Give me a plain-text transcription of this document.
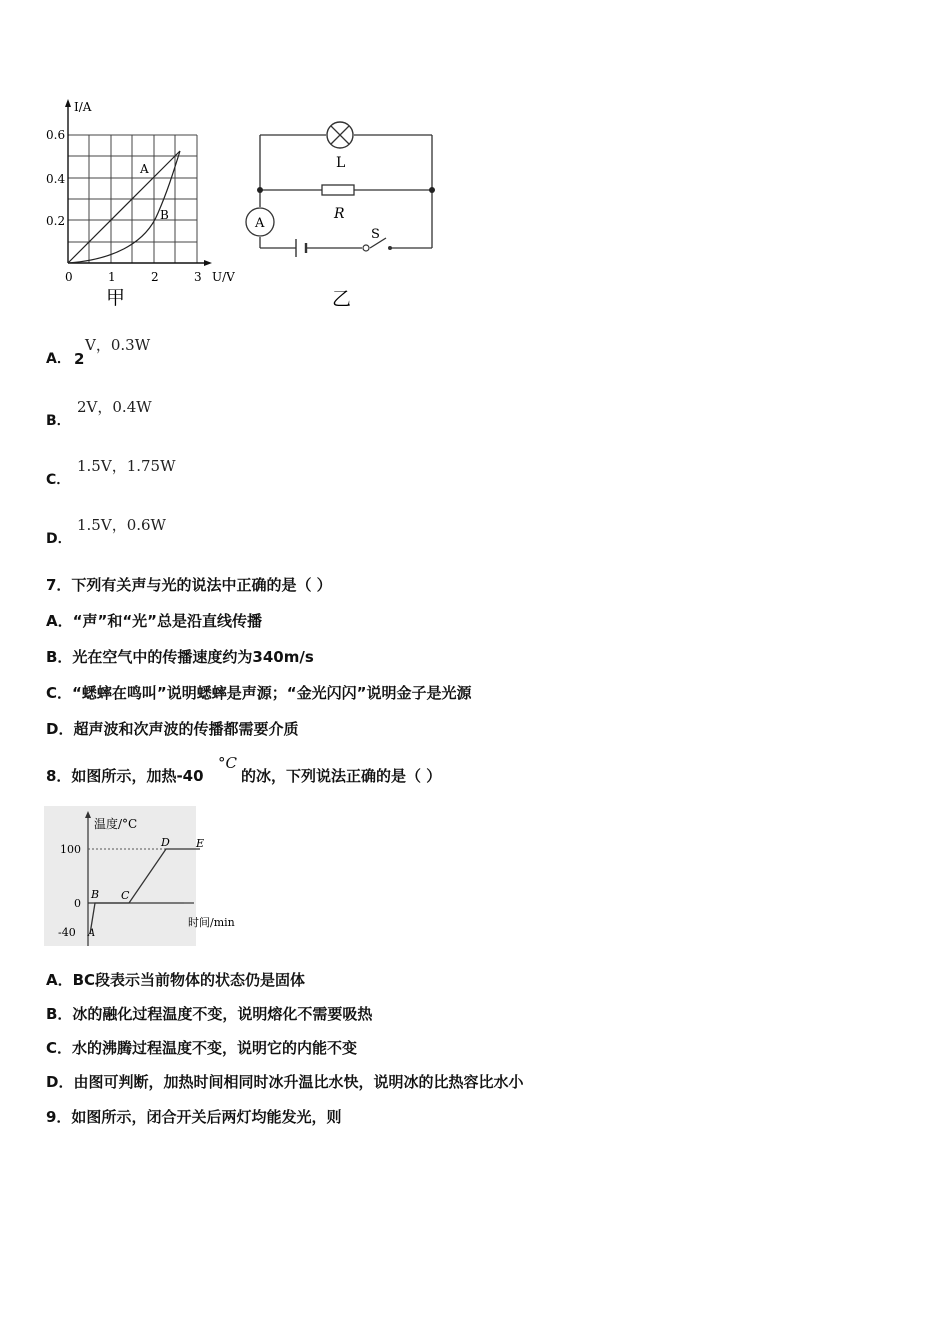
I/A
U/V
0.6
0.4
0.2
0	1	2	3
A
B
甲
A
L
R
S
乙
A． 2
V，0.3W
B．
2V，0.4W
C．
1.5V，1.75W
D．
1.5V，0.6W
7．下列有关声与光的说法中正确的是（ ）
A．“声”和“光”总是沿直线传播
B．光在空气中的传播速度约为340m/s
C．“蟋蟀在鸣叫”说明蟋蟀是声源；“金光闪闪”说明金子是光源
D．超声波和次声波的传播都需要介质
8．如图所示，加热-40
°C
的冰，下列说法正确的是（ ）
温度/°C
时间/min
100
0
-40 A
B C
D E
A．BC段表示当前物体的状态仍是固体
B．冰的融化过程温度不变，说明熔化不需要吸热
C．水的沸腾过程温度不变，说明它的内能不变
D．由图可判断，加热时间相同时冰升温比水快，说明冰的比热容比水小
9．如图所示，闭合开关后两灯均能发光，则
